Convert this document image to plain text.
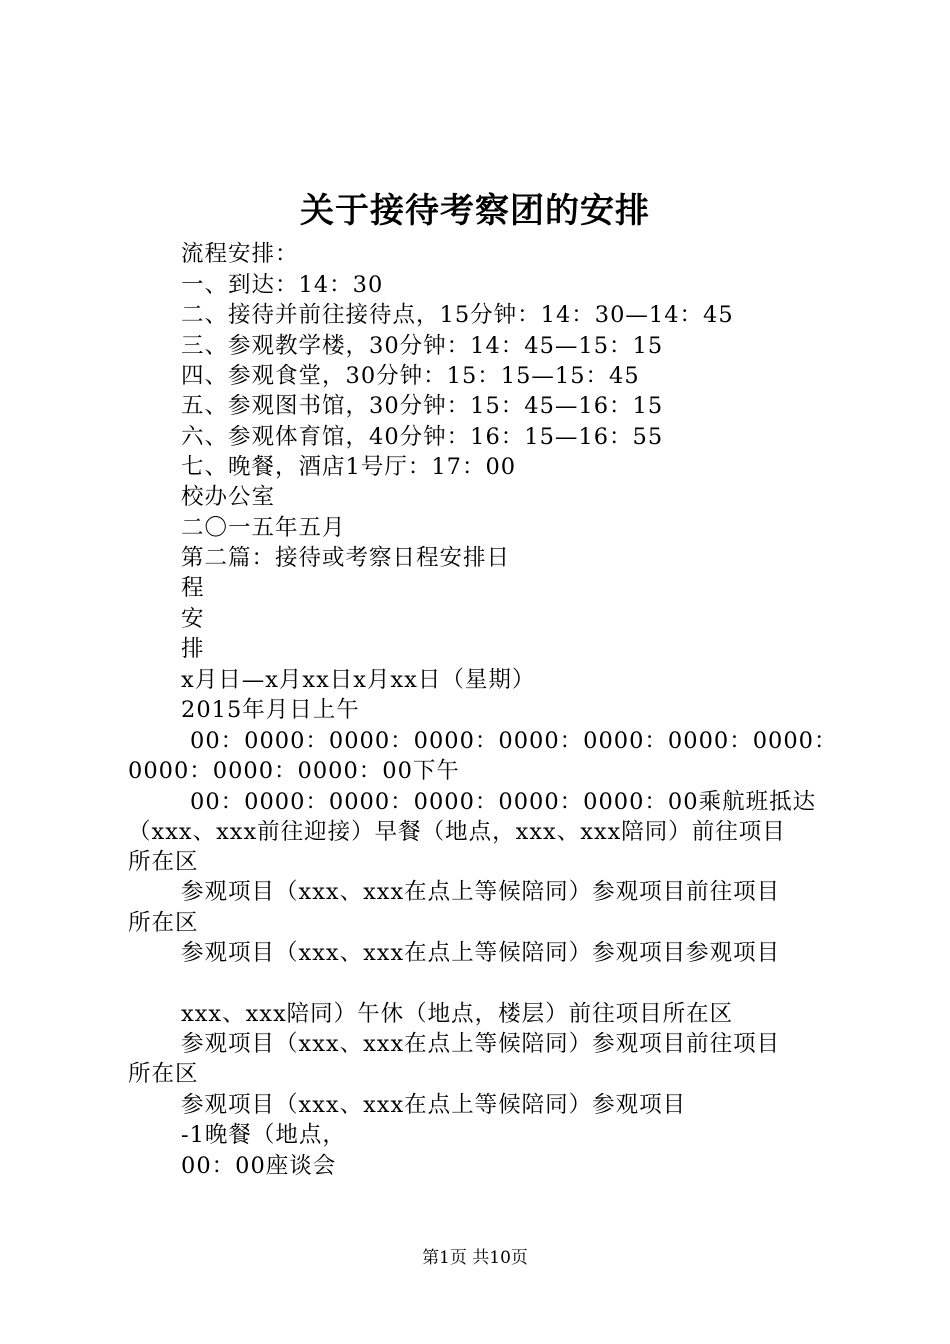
关于接待考察团的安排
流程安排：
一、到达：14：30
二、接待并前往接待点，15分钟：14：30—14：45
三、参观教学楼，30分钟：14：45—15：15
四、参观食堂，30分钟：15：15—15：45
五、参观图书馆，30分钟：15：45—16：15
六、参观体育馆，40分钟：16：15—16：55
七、晚餐，酒店1号厅：17：00
校办公室
二〇一五年五月
第二篇：接待或考察日程安排日
程
安
排
x月日—x月xx日x月xx日（星期）
2015年月日上午
00：0000：0000：0000：0000：0000：0000：0000：
0000：0000：0000：00下午
00：0000：0000：0000：0000：0000：00乘航班抵达
（xxx、xxx前往迎接）早餐（地点，xxx、xxx陪同）前往项目
所在区
参观项目（xxx、xxx在点上等候陪同）参观项目前往项目
所在区
参观项目（xxx、xxx在点上等候陪同）参观项目参观项目
xxx、xxx陪同）午休（地点，楼层）前往项目所在区
参观项目（xxx、xxx在点上等候陪同）参观项目前往项目
所在区
参观项目（xxx、xxx在点上等候陪同）参观项目
-1晚餐（地点，
00：00座谈会
第1页 共10页
